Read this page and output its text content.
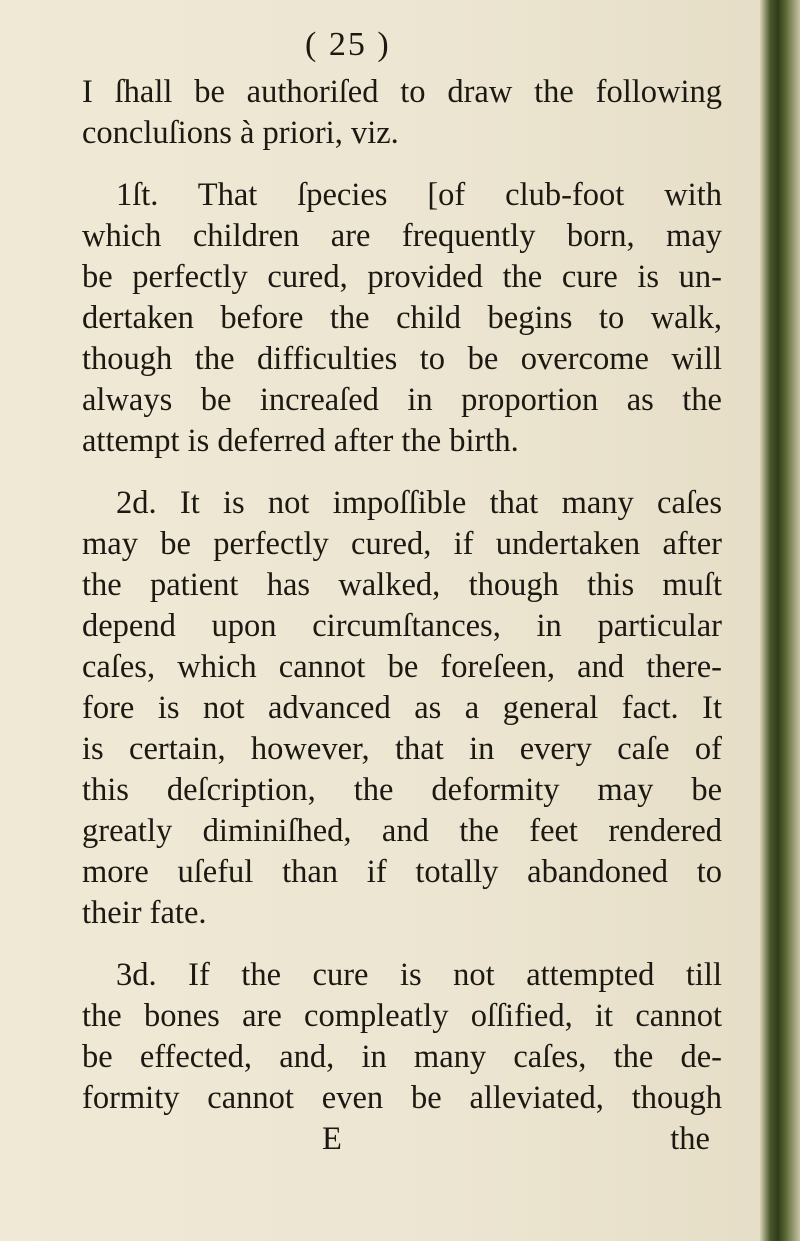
( 25 )
I ſhall be authoriſed to draw the following
concluſions à priori, viz.
1ſt. That ſpecies [of club-foot with
which children are frequently born, may
be perfectly cured, provided the cure is un-
dertaken before the child begins to walk,
though the difficulties to be overcome will
always be increaſed in proportion as the
attempt is deferred after the birth.
2d. It is not impoſſible that many caſes
may be perfectly cured, if undertaken after
the patient has walked, though this muſt
depend upon circumſtances, in particular
caſes, which cannot be foreſeen, and there-
fore is not advanced as a general fact. It
is certain, however, that in every caſe of
this deſcription, the deformity may be
greatly diminiſhed, and the feet rendered
more uſeful than if totally abandoned to
their fate.
3d. If the cure is not attempted till
the bones are compleatly oſſified, it cannot
be effected, and, in many caſes, the de-
formity cannot even be alleviated, though
E	the
